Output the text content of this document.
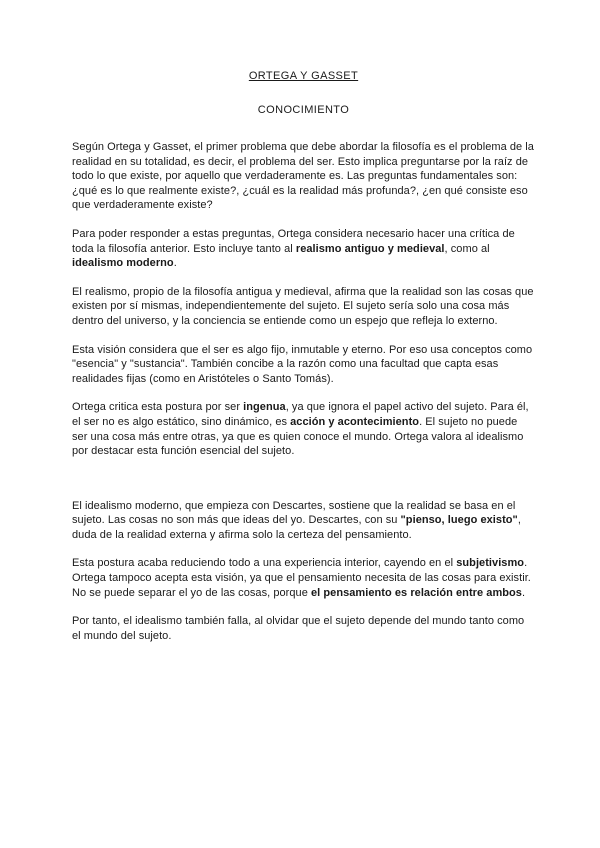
ORTEGA Y GASSET
CONOCIMIENTO

Según Ortega y Gasset, el primer problema que debe abordar la filosofía es el problema de la realidad en su totalidad, es decir, el problema del ser. Esto implica preguntarse por la raíz de todo lo que existe, por aquello que verdaderamente es. Las preguntas fundamentales son: ¿qué es lo que realmente existe?, ¿cuál es la realidad más profunda?, ¿en qué consiste eso que verdaderamente existe?

Para poder responder a estas preguntas, Ortega considera necesario hacer una crítica de toda la filosofía anterior. Esto incluye tanto al realismo antiguo y medieval, como al idealismo moderno.

El realismo, propio de la filosofía antigua y medieval, afirma que la realidad son las cosas que existen por sí mismas, independientemente del sujeto. El sujeto sería solo una cosa más dentro del universo, y la conciencia se entiende como un espejo que refleja lo externo.

Esta visión considera que el ser es algo fijo, inmutable y eterno. Por eso usa conceptos como "esencia" y "sustancia". También concibe a la razón como una facultad que capta esas realidades fijas (como en Aristóteles o Santo Tomás).

Ortega critica esta postura por ser ingenua, ya que ignora el papel activo del sujeto. Para él, el ser no es algo estático, sino dinámico, es acción y acontecimiento. El sujeto no puede ser una cosa más entre otras, ya que es quien conoce el mundo. Ortega valora al idealismo por destacar esta función esencial del sujeto.

El idealismo moderno, que empieza con Descartes, sostiene que la realidad se basa en el sujeto. Las cosas no son más que ideas del yo. Descartes, con su "pienso, luego existo", duda de la realidad externa y afirma solo la certeza del pensamiento.

Esta postura acaba reduciendo todo a una experiencia interior, cayendo en el subjetivismo. Ortega tampoco acepta esta visión, ya que el pensamiento necesita de las cosas para existir. No se puede separar el yo de las cosas, porque el pensamiento es relación entre ambos.

Por tanto, el idealismo también falla, al olvidar que el sujeto depende del mundo tanto como el mundo del sujeto.
